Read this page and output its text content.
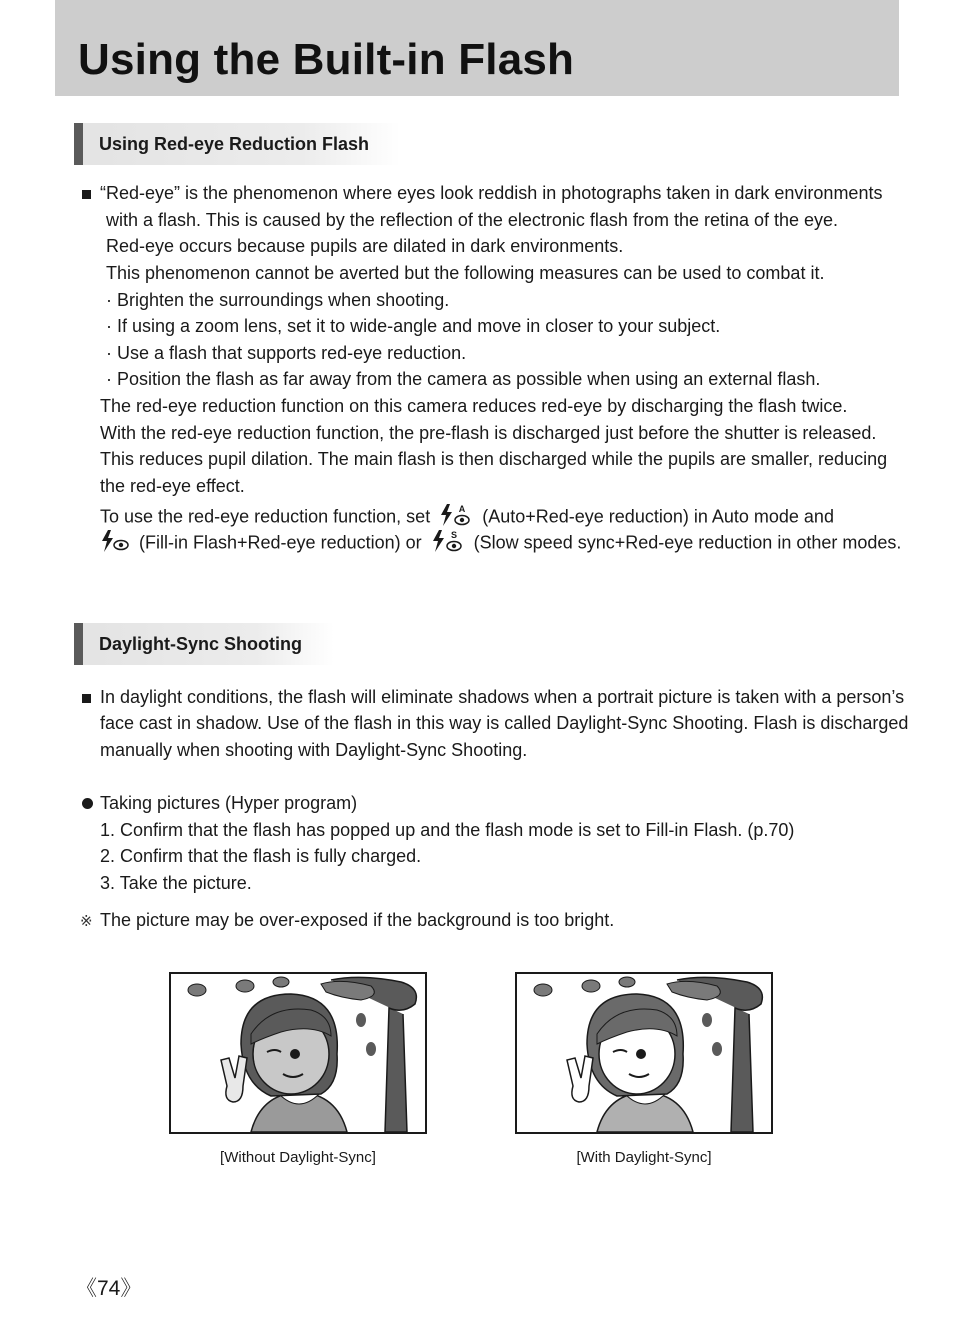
Using the Built-in Flash
Using Red-eye Reduction Flash
“Red-eye” is the phenomenon where eyes look reddish in photographs taken in dark environments
with a flash. This is caused by the reflection of the electronic flash from the retina of the eye.
Red-eye occurs because pupils are dilated in dark environments.
This phenomenon cannot be averted but the following measures can be used to combat it.
· Brighten the surroundings when shooting.
· If using a zoom lens, set it to wide-angle and move in closer to your subject.
· Use a flash that supports red-eye reduction.
· Position the flash as far away from the camera as possible when using an external flash.
The red-eye reduction function on this camera reduces red-eye by discharging the flash twice.
With the red-eye reduction function, the pre-flash is discharged just before the shutter is released.
This reduces pupil dilation. The main flash is then discharged while the pupils are smaller, reducing
the red-eye effect.
To use the red-eye reduction function, set	A (Auto+Red-eye reduction) in Auto mode and
(Fill-in Flash+Red-eye reduction) or	S (Slow speed sync+Red-eye reduction in other modes.
Daylight-Sync Shooting
In daylight conditions, the flash will eliminate shadows when a portrait picture is taken with a person’s
face cast in shadow. Use of the flash in this way is called Daylight-Sync Shooting. Flash is discharged
manually when shooting with Daylight-Sync Shooting.
Taking pictures (Hyper program)
1. Confirm that the flash has popped up and the flash mode is set to Fill-in Flash. (p.70)
2. Confirm that the flash is fully charged.
3. Take the picture.
※ The picture may be over-exposed if the background is too bright.
[Without Daylight-Sync]	[With Daylight-Sync]
《74》
